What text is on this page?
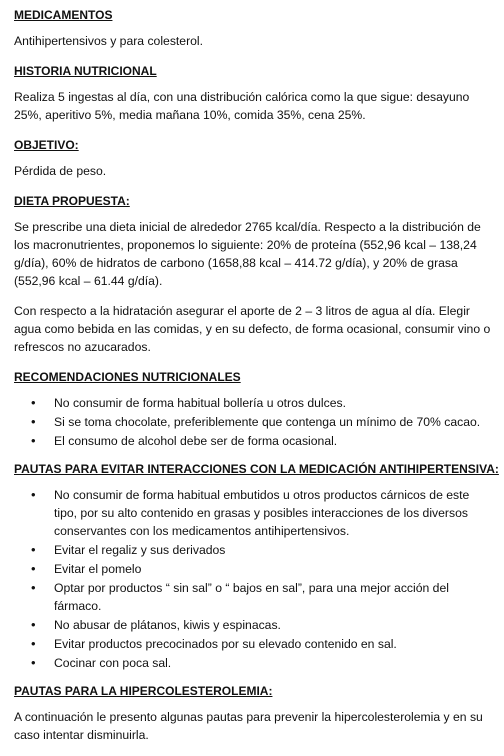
MEDICAMENTOS

Antihipertensivos y para colesterol.

HISTORIA NUTRICIONAL

Realiza 5 ingestas al día, con una distribución calórica como la que sigue: desayuno 25%, aperitivo 5%, media mañana 10%, comida 35%, cena 25%.

OBJETIVO:

Pérdida de peso.

DIETA PROPUESTA:

Se prescribe una dieta inicial de alrededor 2765 kcal/día. Respecto a la distribución de los macronutrientes, proponemos lo siguiente: 20% de proteína (552,96 kcal – 138,24 g/día), 60% de hidratos de carbono (1658,88 kcal – 414.72 g/día), y 20% de grasa (552,96 kcal – 61.44 g/día).

Con respecto a la hidratación asegurar el aporte de 2 – 3 litros de agua al día. Elegir agua como bebida en las comidas, y en su defecto, de forma ocasional, consumir vino o refrescos no azucarados.

RECOMENDACIONES NUTRICIONALES
• No consumir de forma habitual bollería u otros dulces.
• Si se toma chocolate, preferiblemente que contenga un mínimo de 70% cacao.
• El consumo de alcohol debe ser de forma ocasional.
PAUTAS PARA EVITAR INTERACCIONES CON LA MEDICACIÓN ANTIHIPERTENSIVA:
• No consumir de forma habitual embutidos u otros productos cárnicos de este tipo, por su alto contenido en grasas y posibles interacciones de los diversos conservantes con los medicamentos antihipertensivos.
• Evitar el regaliz y sus derivados
• Evitar el pomelo
• Optar por productos “ sin sal” o “ bajos en sal”, para una mejor acción del fármaco.
• No abusar de plátanos, kiwis y espinacas.
• Evitar productos precocinados por su elevado contenido en sal.
• Cocinar con poca sal.
PAUTAS PARA LA HIPERCOLESTEROLEMIA:

A continuación le presento algunas pautas para prevenir la hipercolesterolemia y en su caso intentar disminuirla.
